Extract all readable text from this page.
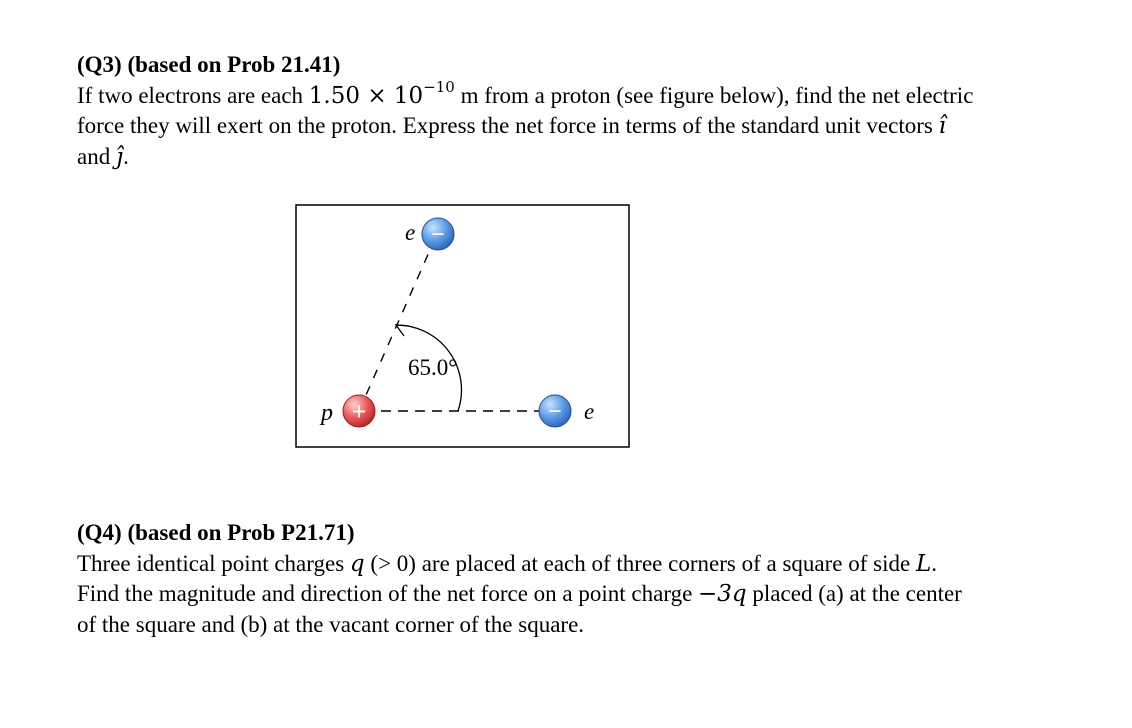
(Q3) (based on Prob 21.41)
If two electrons are each $1.50 \times 10^{-10}$ m from a proton (see figure below), find the net electric
force they will exert on the proton. Express the net force in terms of the standard unit vectors î
and ĵ.
65.0°
−
e
+
p	− e
(Q4) (based on Prob P21.71)
Three identical point charges q (> 0) are placed at each of three corners of a square of side L.
Find the magnitude and direction of the net force on a point charge −3q placed (a) at the center
of the square and (b) at the vacant corner of the square.
